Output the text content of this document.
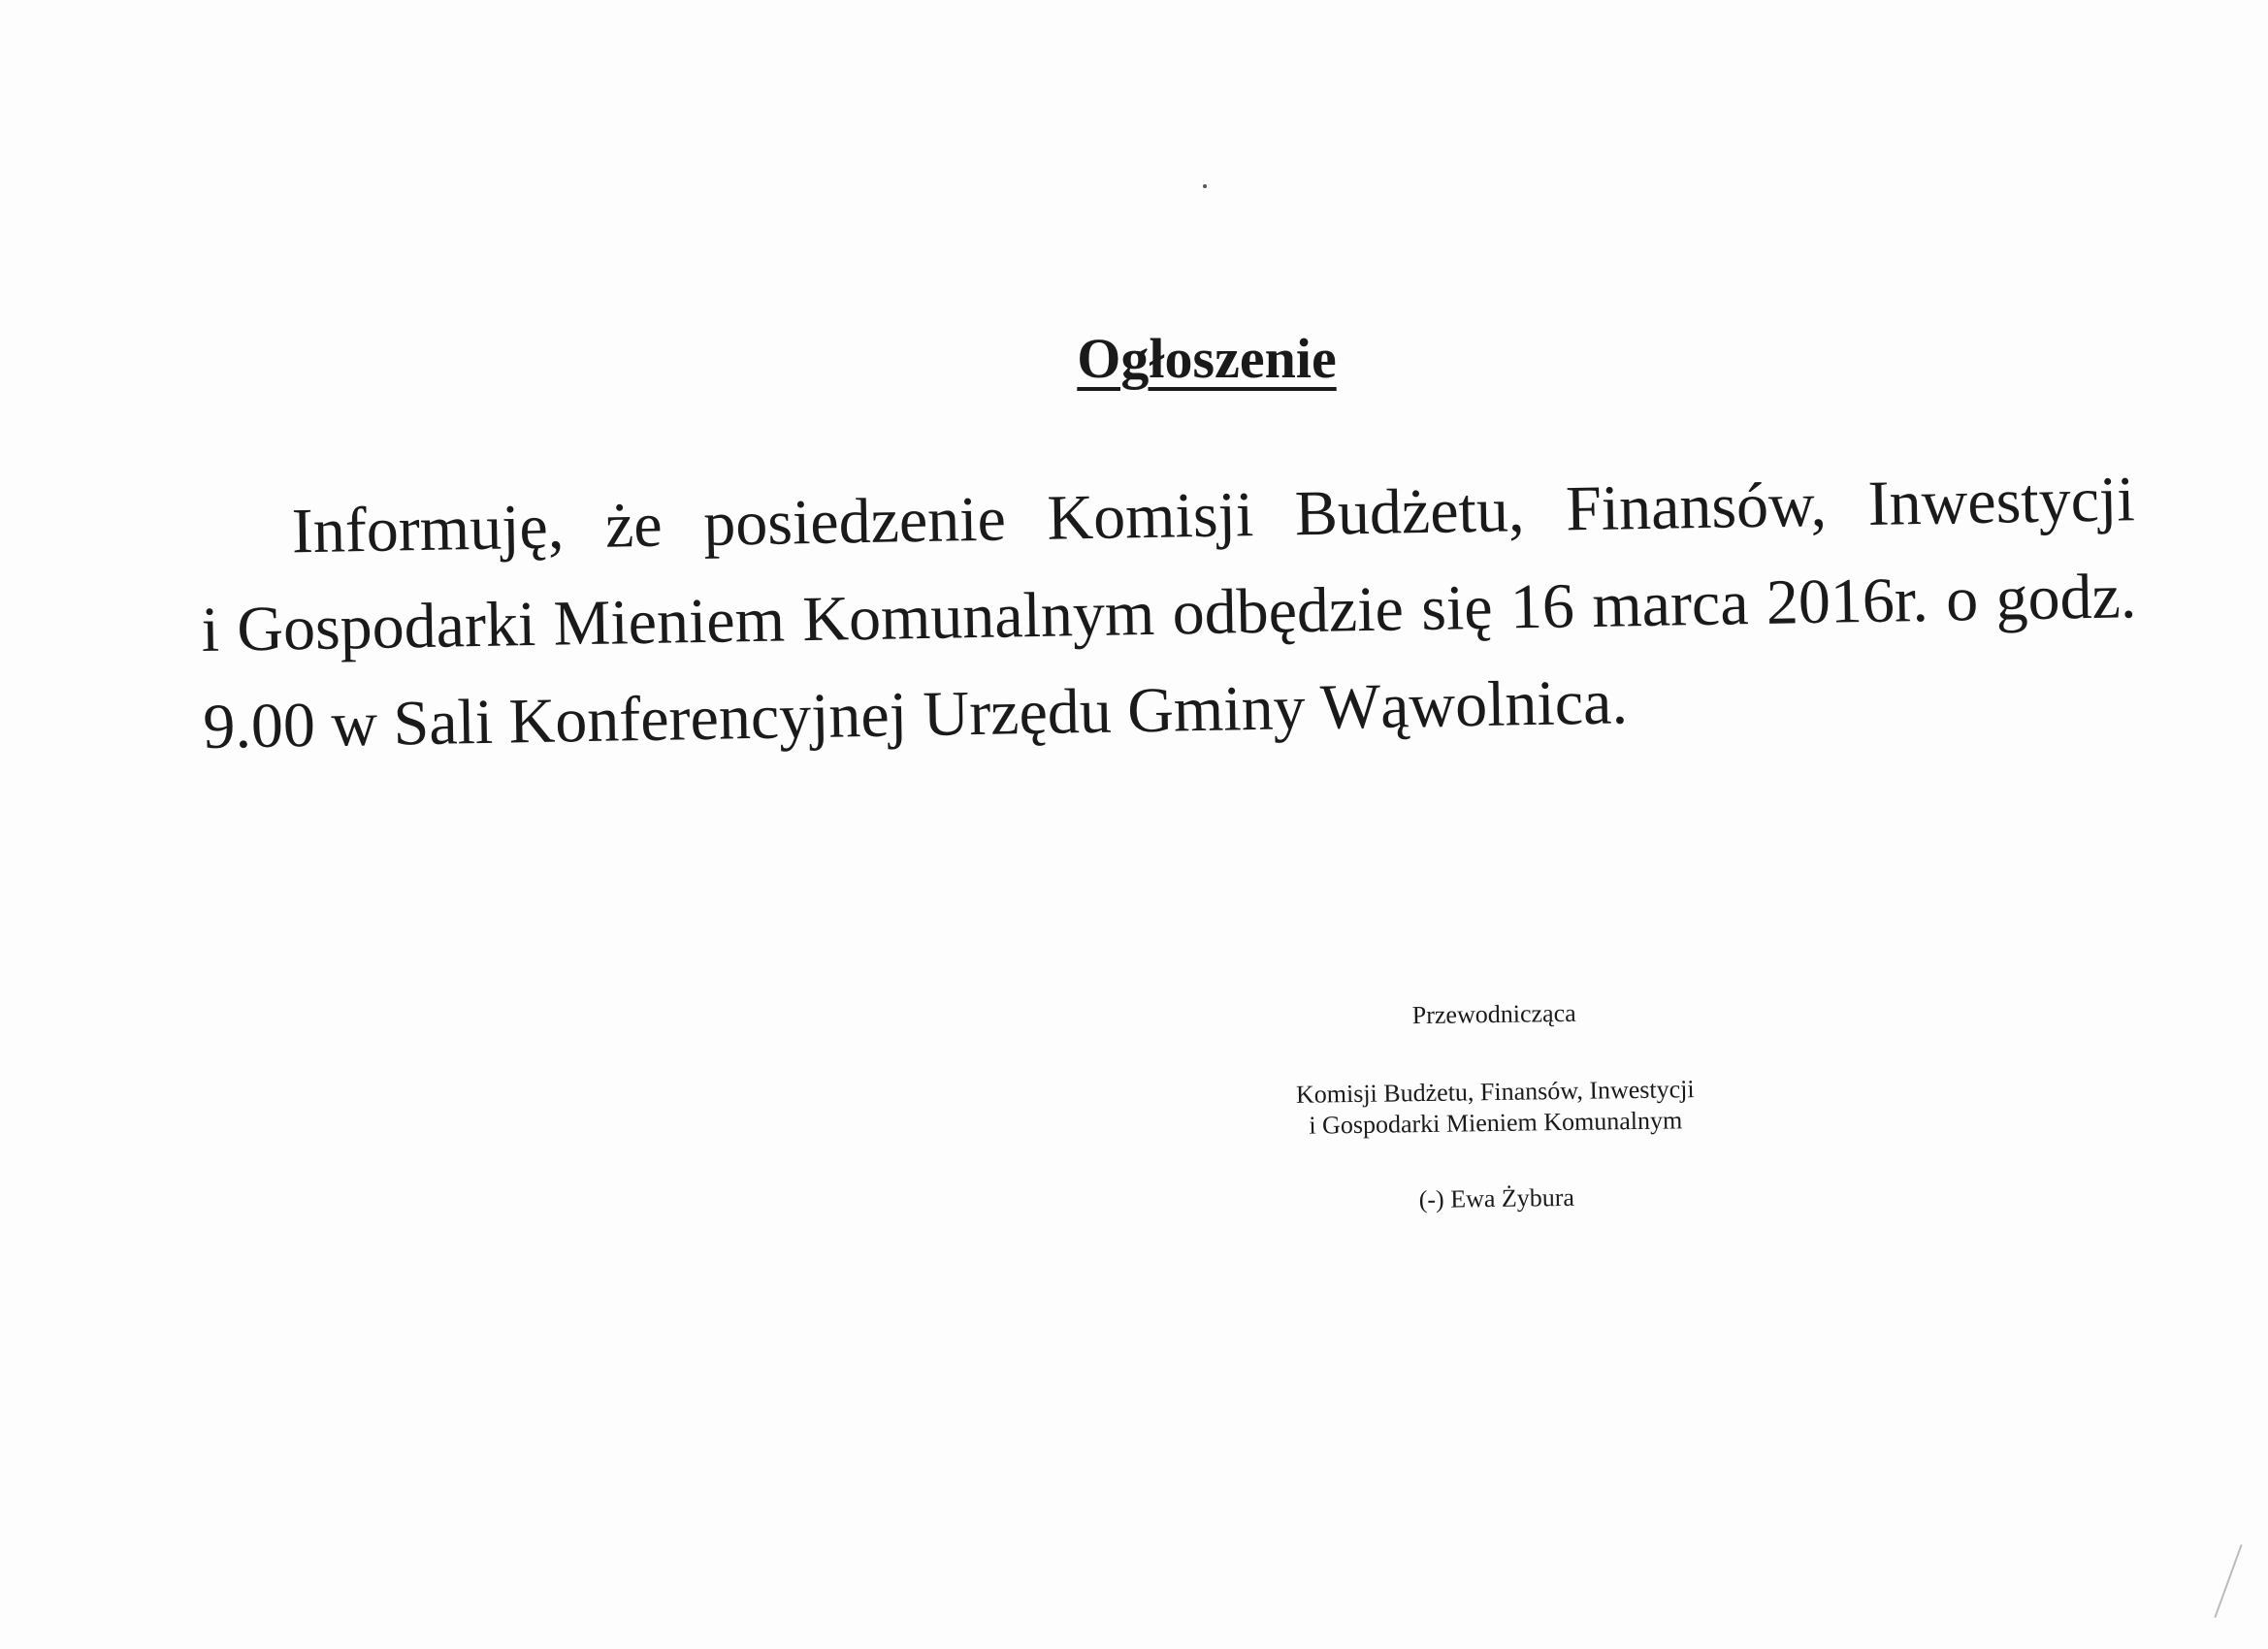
Ogłoszenie
Informuję, że posiedzenie Komisji Budżetu, Finansów, Inwestycji
i Gospodarki Mieniem Komunalnym odbędzie się 16 marca 2016r. o godz.
9.00 w Sali Konferencyjnej Urzędu Gminy Wąwolnica.
Przewodnicząca
Komisji Budżetu, Finansów, Inwestycji
i Gospodarki Mieniem Komunalnym
(-) Ewa Żybura
